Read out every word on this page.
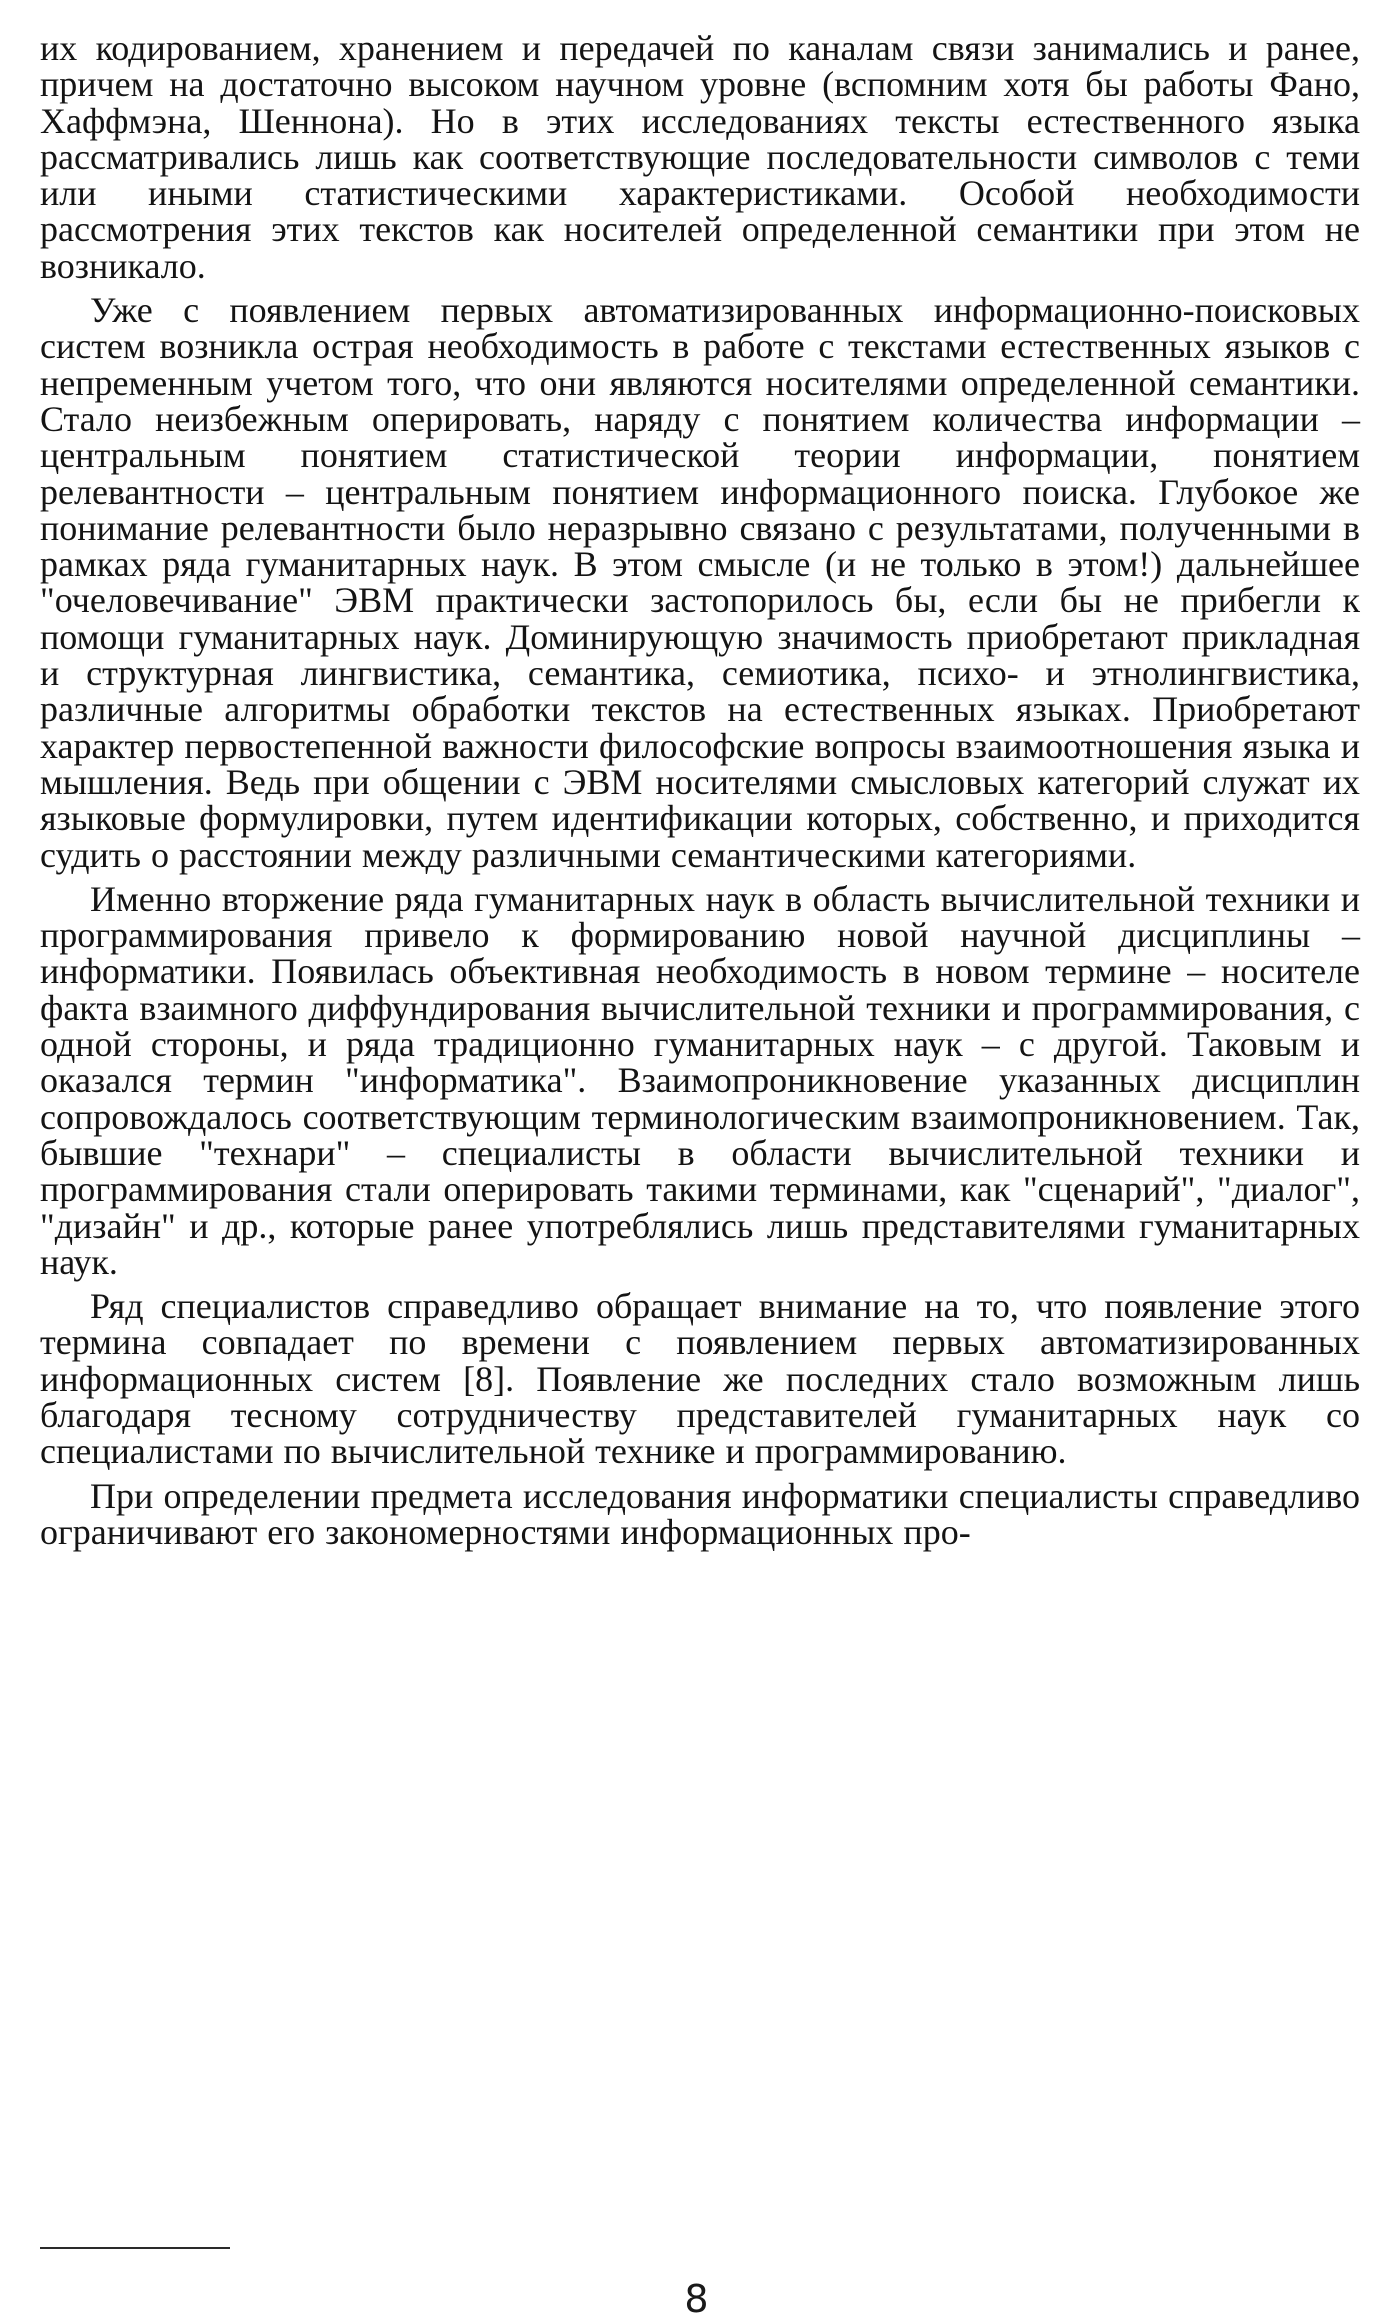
их кодированием, хранением и передачей по каналам связи занимались и ранее, причем на достаточно высоком научном уровне (вспомним хотя бы работы Фано, Хаффмэна, Шеннона). Но в этих исследованиях тексты естественного языка рассматривались лишь как соответствующие последовательности символов с теми или иными статистическими характеристиками. Особой необходимости рассмотрения этих текстов как носителей определенной семантики при этом не возникало.

Уже с появлением первых автоматизированных информационно-поисковых систем возникла острая необходимость в работе с текстами естественных языков с непременным учетом того, что они являются носителями определенной семантики. Стало неизбежным оперировать, наряду с понятием количества информации – центральным понятием статистической теории информации, понятием релевантности – центральным понятием информационного поиска. Глубокое же понимание релевантности было неразрывно связано с результатами, полученными в рамках ряда гуманитарных наук. В этом смысле (и не только в этом!) дальнейшее "очеловечивание" ЭВМ практически застопорилось бы, если бы не прибегли к помощи гуманитарных наук. Доминирующую значимость приобретают прикладная и структурная лингвистика, семантика, семиотика, психо- и этнолингвистика, различные алгоритмы обработки текстов на естественных языках. Приобретают характер первостепенной важности философские вопросы взаимоотношения языка и мышления. Ведь при общении с ЭВМ носителями смысловых категорий служат их языковые формулировки, путем идентификации которых, собственно, и приходится судить о расстоянии между различными семантическими категориями.

Именно вторжение ряда гуманитарных наук в область вычислительной техники и программирования привело к формированию новой научной дисциплины – информатики. Появилась объективная необходимость в новом термине – носителе факта взаимного диффундирования вычислительной техники и программирования, с одной стороны, и ряда традиционно гуманитарных наук – с другой. Таковым и оказался термин "информатика". Взаимопроникновение указанных дисциплин сопровождалось соответствующим терминологическим взаимопроникновением. Так, бывшие "технари" – специалисты в области вычислительной техники и программирования стали оперировать такими терминами, как "сценарий", "диалог", "дизайн" и др., которые ранее употреблялись лишь представителями гуманитарных наук.

Ряд специалистов справедливо обращает внимание на то, что появление этого термина совпадает по времени с появлением первых автоматизированных информационных систем [8]. Появление же последних стало возможным лишь благодаря тесному сотрудничеству представителей гуманитарных наук со специалистами по вычислительной технике и программированию.

При определении предмета исследования информатики специалисты справедливо ограничивают его закономерностями информационных про-

8
